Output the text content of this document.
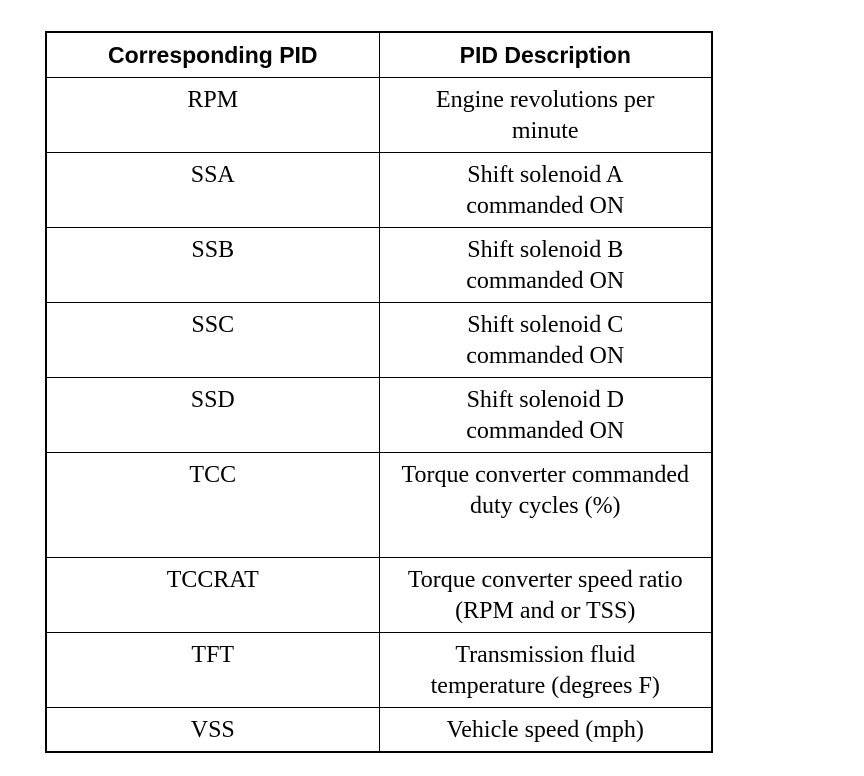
Corresponding PID	PID Description
RPM	Engine revolutions per minute

SSA	Shift solenoid A commanded ON

SSB	Shift solenoid B commanded ON

SSC	Shift solenoid C commanded ON

SSD	Shift solenoid D commanded ON

TCC	Torque converter commanded duty cycles (%)

TCCRAT	Torque converter speed ratio (RPM and or TSS)

TFT	Transmission fluid temperature (degrees F)

VSS	Vehicle speed (mph)
